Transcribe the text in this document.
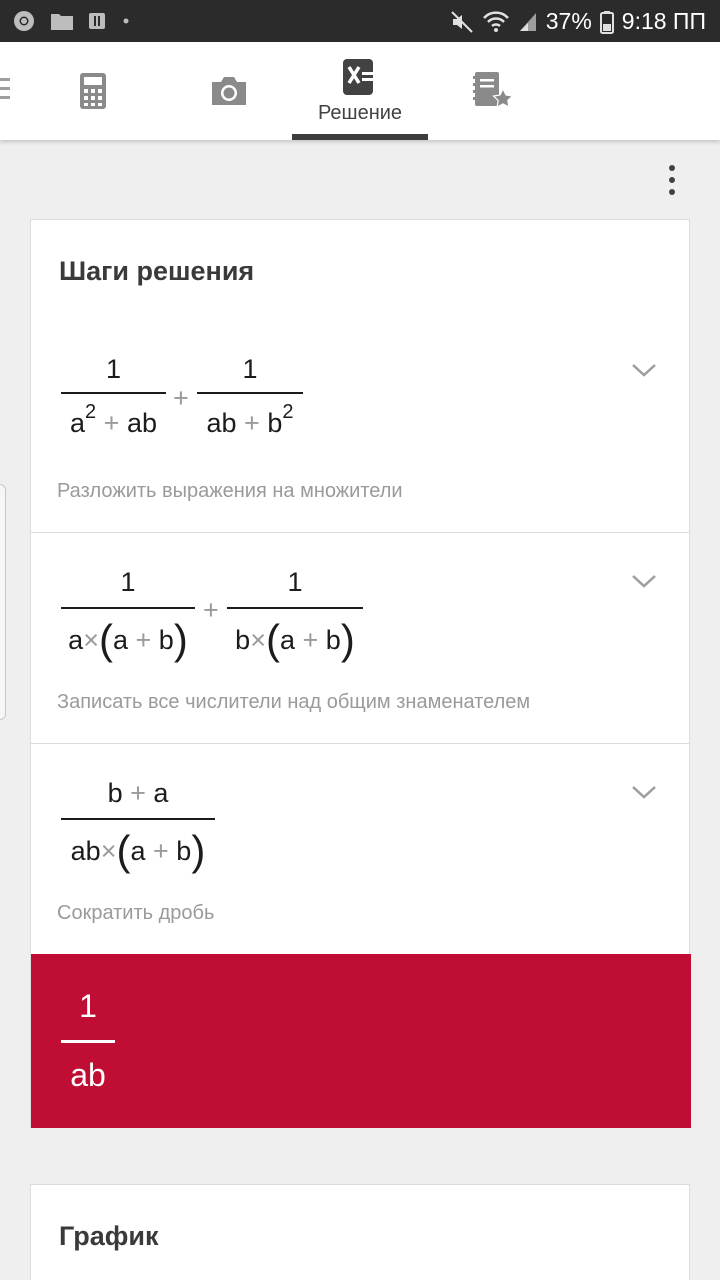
37% 9:18 ПП
Решение
Шаги решения
1
$a^2$ + ab
+
1
ab + $b^2$
Разложить выражения на множители
1
a×(a + b)
+
1
b×(a + b)
Записать все числители над общим знаменателем
b + a
ab×(a + b)
Сократить дробь
1
ab
График
